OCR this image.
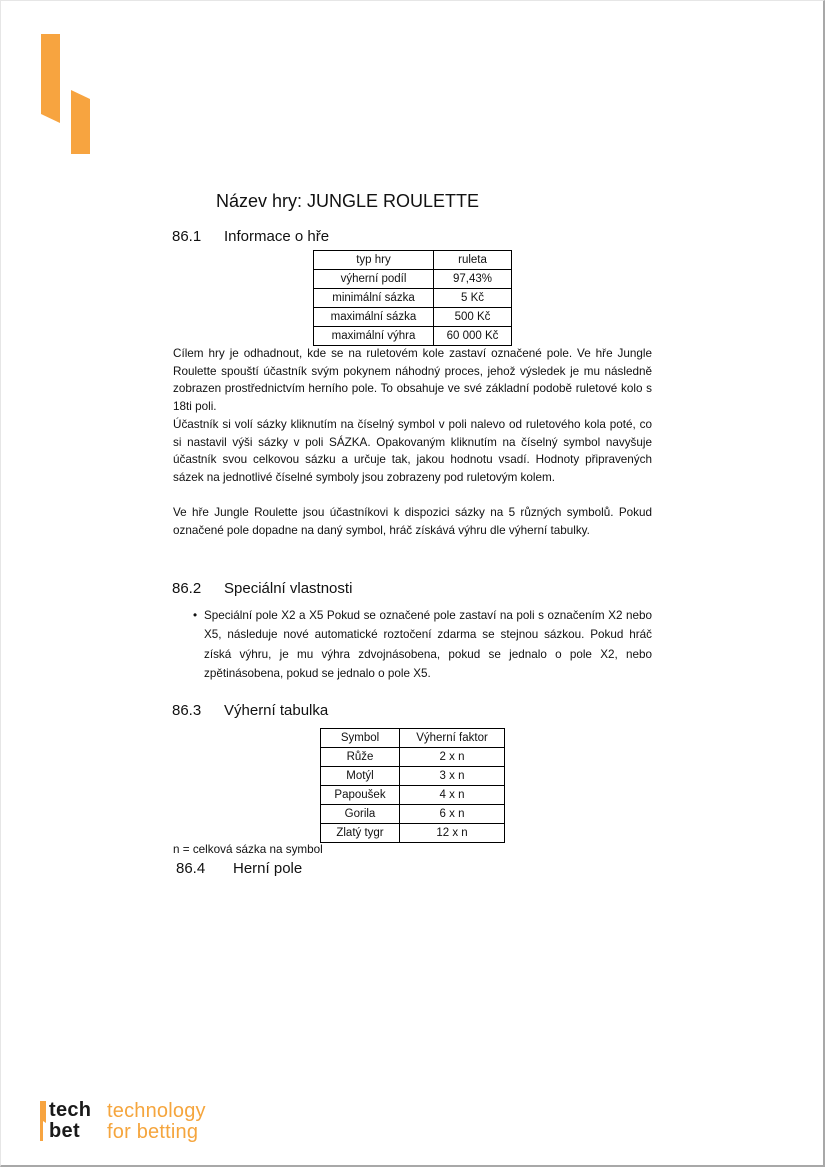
Název hry: JUNGLE ROULETTE
86.1 Informace o hře
typ hry	ruleta
výherní podíl	97,43%
minimální sázka	5 Kč
maximální sázka	500 Kč
maximální výhra	60 000 Kč

Cílem hry je odhadnout, kde se na ruletovém kole zastaví označené pole. Ve hře Jungle Roulette spouští účastník svým pokynem náhodný proces, jehož výsledek je mu následně zobrazen prostřednictvím herního pole. To obsahuje ve své základní podobě ruletové kolo s 18ti poli.

Účastník si volí sázky kliknutím na číselný symbol v poli nalevo od ruletového kola poté, co si nastavil výši sázky v poli SÁZKA. Opakovaným kliknutím na číselný symbol navyšuje účastník svou celkovou sázku a určuje tak, jakou hodnotu vsadí. Hodnoty připravených sázek na jednotlivé číselné symboly jsou zobrazeny pod ruletovým kolem.

Ve hře Jungle Roulette jsou účastníkovi k dispozici sázky na 5 různých symbolů. Pokud označené pole dopadne na daný symbol, hráč získává výhru dle výherní tabulky.

86.2 Speciální vlastnosti
• Speciální pole X2 a X5 Pokud se označené pole zastaví na poli s označením X2 nebo X5, následuje nové automatické roztočení zdarma se stejnou sázkou. Pokud hráč získá výhru, je mu výhra zdvojnásobena, pokud se jednalo o pole X2, nebo zpětinásobena, pokud se jednalo o pole X5.
86.3 Výherní tabulka
Symbol	Výherní faktor
Růže	2 x n
Motýl	3 x n
Papoušek	4 x n
Gorila	6 x n
Zlatý tygr	12 x n
n = celková sázka na symbol
86.4 Herní pole
tech
bet
technology
for betting
